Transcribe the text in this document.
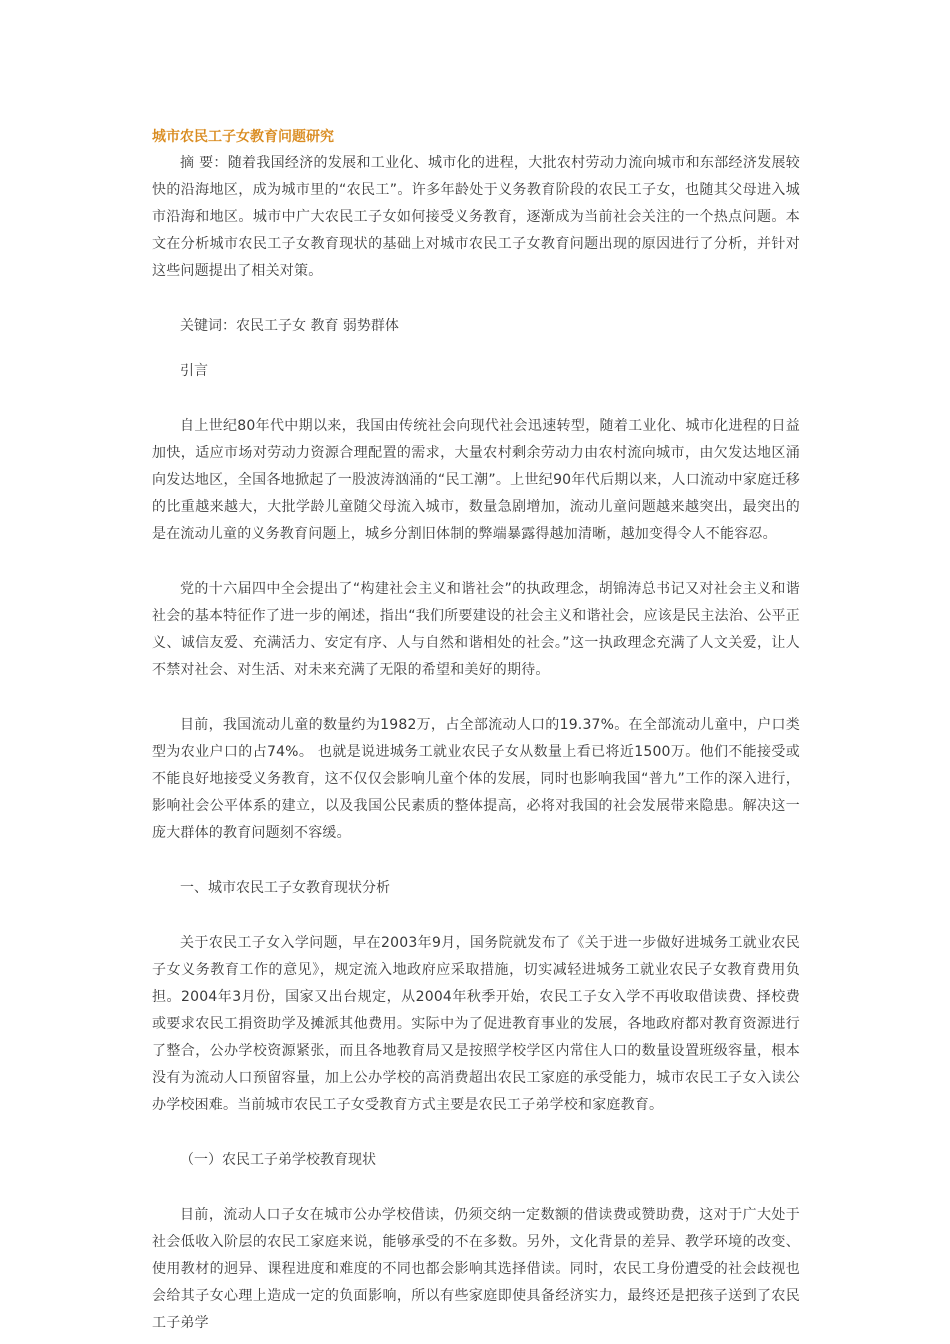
城市农民工子女教育问题研究

摘 要：随着我国经济的发展和工业化、城市化的进程，大批农村劳动力流向城市和东部经济发展较快的沿海地区，成为城市里的“农民工”。许多年龄处于义务教育阶段的农民工子女，也随其父母进入城市沿海和地区。城市中广大农民工子女如何接受义务教育，逐渐成为当前社会关注的一个热点问题。本文在分析城市农民工子女教育现状的基础上对城市农民工子女教育问题出现的原因进行了分析，并针对这些问题提出了相关对策。

关键词：农民工子女 教育 弱势群体

引言

自上世纪80年代中期以来，我国由传统社会向现代社会迅速转型，随着工业化、城市化进程的日益加快，适应市场对劳动力资源合理配置的需求，大量农村剩余劳动力由农村流向城市，由欠发达地区涌向发达地区，全国各地掀起了一股波涛汹涌的“民工潮”。上世纪90年代后期以来，人口流动中家庭迁移的比重越来越大，大批学龄儿童随父母流入城市，数量急剧增加，流动儿童问题越来越突出，最突出的是在流动儿童的义务教育问题上，城乡分割旧体制的弊端暴露得越加清晰，越加变得令人不能容忍。

党的十六届四中全会提出了“构建社会主义和谐社会”的执政理念，胡锦涛总书记又对社会主义和谐社会的基本特征作了进一步的阐述，指出“我们所要建设的社会主义和谐社会，应该是民主法治、公平正义、诚信友爱、充满活力、安定有序、人与自然和谐相处的社会。”这一执政理念充满了人文关爱，让人不禁对社会、对生活、对未来充满了无限的希望和美好的期待。

目前，我国流动儿童的数量约为1982万，占全部流动人口的19.37%。在全部流动儿童中，户口类型为农业户口的占74%。 也就是说进城务工就业农民子女从数量上看已将近1500万。他们不能接受或不能良好地接受义务教育，这不仅仅会影响儿童个体的发展，同时也影响我国“普九”工作的深入进行，影响社会公平体系的建立，以及我国公民素质的整体提高，必将对我国的社会发展带来隐患。解决这一庞大群体的教育问题刻不容缓。

一、城市农民工子女教育现状分析

关于农民工子女入学问题，早在2003年9月，国务院就发布了《关于进一步做好进城务工就业农民子女义务教育工作的意见》，规定流入地政府应采取措施，切实减轻进城务工就业农民子女教育费用负担。2004年3月份，国家又出台规定，从2004年秋季开始，农民工子女入学不再收取借读费、择校费或要求农民工捐资助学及摊派其他费用。实际中为了促进教育事业的发展，各地政府都对教育资源进行了整合，公办学校资源紧张，而且各地教育局又是按照学校学区内常住人口的数量设置班级容量，根本没有为流动人口预留容量，加上公办学校的高消费超出农民工家庭的承受能力，城市农民工子女入读公办学校困难。当前城市农民工子女受教育方式主要是农民工子弟学校和家庭教育。

（一）农民工子弟学校教育现状

目前，流动人口子女在城市公办学校借读，仍须交纳一定数额的借读费或赞助费，这对于广大处于社会低收入阶层的农民工家庭来说，能够承受的不在多数。另外，文化背景的差异、教学环境的改变、使用教材的迥异、课程进度和难度的不同也都会影响其选择借读。同时，农民工身份遭受的社会歧视也会给其子女心理上造成一定的负面影响，所以有些家庭即使具备经济实力，最终还是把孩子送到了农民工子弟学
